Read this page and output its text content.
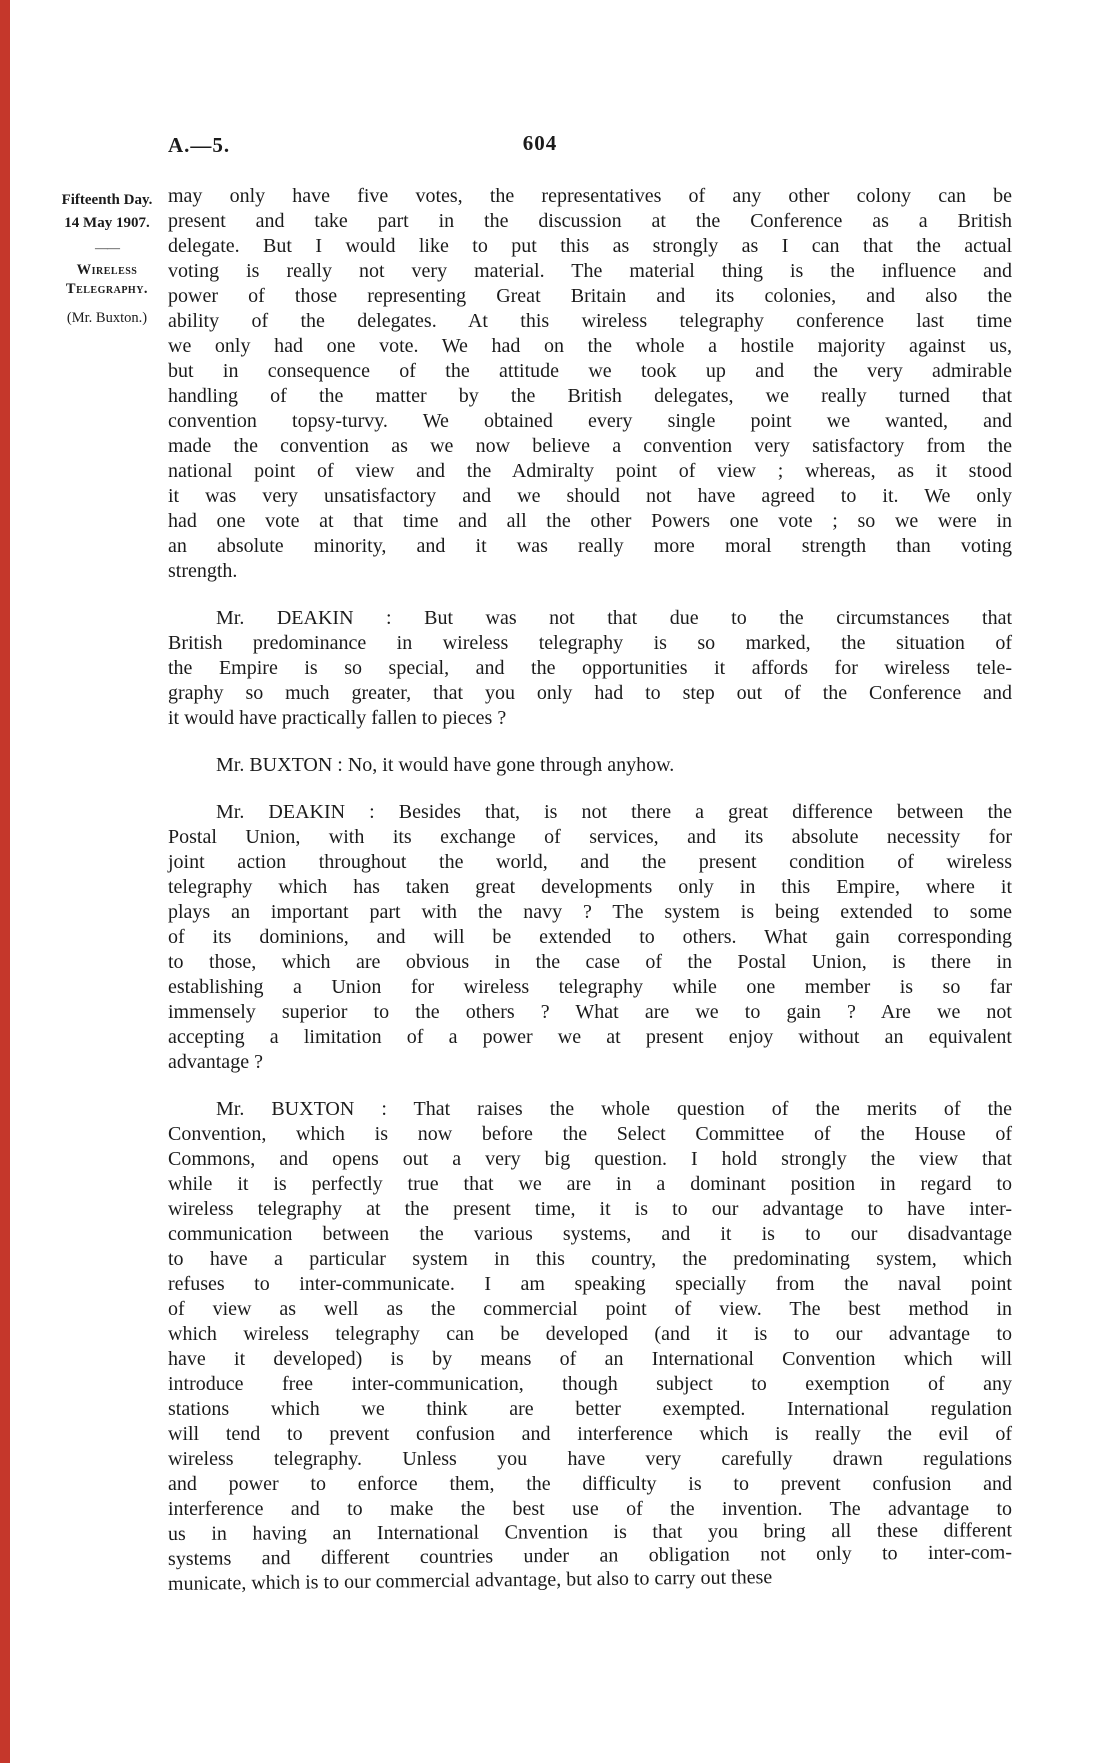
A.—5.	604
Fifteenth Day.
14 May 1907.
——
Wireless
Telegraphy.
(Mr. Buxton.)
may only have five votes, the representatives of any other colony can be
present and take part in the discussion at the Conference as a British
delegate. But I would like to put this as strongly as I can that the actual
voting is really not very material. The material thing is the influence and
power of those representing Great Britain and its colonies, and also the
ability of the delegates. At this wireless telegraphy conference last time
we only had one vote. We had on the whole a hostile majority against us,
but in consequence of the attitude we took up and the very admirable
handling of the matter by the British delegates, we really turned that
convention topsy-turvy. We obtained every single point we wanted, and
made the convention as we now believe a convention very satisfactory from the
national point of view and the Admiralty point of view ; whereas, as it stood
it was very unsatisfactory and we should not have agreed to it. We only
had one vote at that time and all the other Powers one vote ; so we were in
an absolute minority, and it was really more moral strength than voting
strength.
Mr. DEAKIN : But was not that due to the circumstances that
British predominance in wireless telegraphy is so marked, the situation of
the Empire is so special, and the opportunities it affords for wireless tele-
graphy so much greater, that you only had to step out of the Conference and
it would have practically fallen to pieces ?
Mr. BUXTON : No, it would have gone through anyhow.
Mr. DEAKIN : Besides that, is not there a great difference between the
Postal Union, with its exchange of services, and its absolute necessity for
joint action throughout the world, and the present condition of wireless
telegraphy which has taken great developments only in this Empire, where it
plays an important part with the navy ? The system is being extended to some
of its dominions, and will be extended to others. What gain corresponding
to those, which are obvious in the case of the Postal Union, is there in
establishing a Union for wireless telegraphy while one member is so far
immensely superior to the others ? What are we to gain ? Are we not
accepting a limitation of a power we at present enjoy without an equivalent
advantage ?
Mr. BUXTON : That raises the whole question of the merits of the
Convention, which is now before the Select Committee of the House of
Commons, and opens out a very big question. I hold strongly the view that
while it is perfectly true that we are in a dominant position in regard to
wireless telegraphy at the present time, it is to our advantage to have inter-
communication between the various systems, and it is to our disadvantage
to have a particular system in this country, the predominating system, which
refuses to inter-communicate. I am speaking specially from the naval point
of view as well as the commercial point of view. The best method in
which wireless telegraphy can be developed (and it is to our advantage to
have it developed) is by means of an International Convention which will
introduce free inter-communication, though subject to exemption of any
stations which we think are better exempted. International regulation
will tend to prevent confusion and interference which is really the evil of
wireless telegraphy. Unless you have very carefully drawn regulations
and power to enforce them, the difficulty is to prevent confusion and
interference and to make the best use of the invention. The advantage to
us in having an International Cnvention is that you bring all these different
systems and different countries under an obligation not only to inter-com-
municate, which is to our commercial advantage, but also to carry out these
